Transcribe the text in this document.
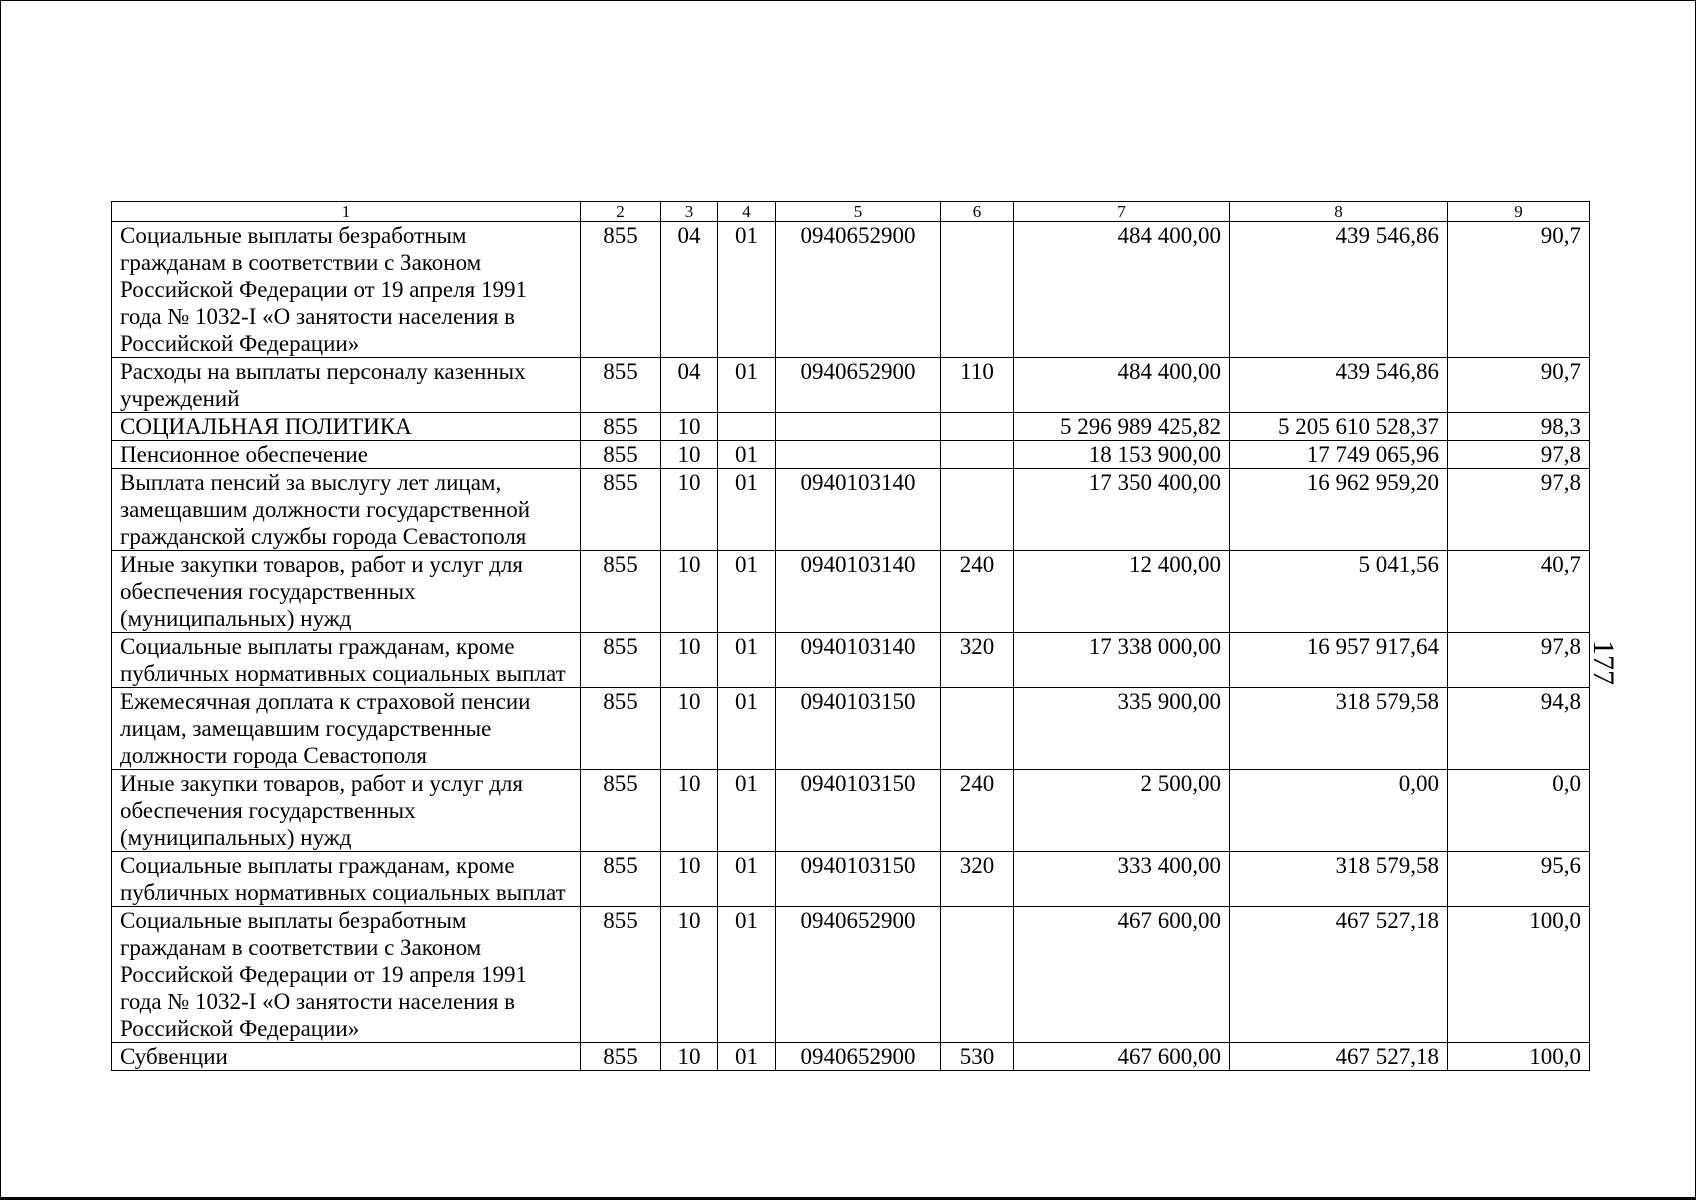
1	2	3	4	5	6	7	8	9
Социальные выплаты безработным гражданам в соответствии с Законом Российской Федерации от 19 апреля 1991 года № 1032-I «О занятости населения в Российской Федерации»	855	04	01	0940652900		484 400,00	439 546,86	90,7
Расходы на выплаты персоналу казенных учреждений	855	04	01	0940652900	110	484 400,00	439 546,86	90,7
СОЦИАЛЬНАЯ ПОЛИТИКА	855	10				5 296 989 425,82	5 205 610 528,37	98,3
Пенсионное обеспечение	855	10	01			18 153 900,00	17 749 065,96	97,8
Выплата пенсий за выслугу лет лицам, замещавшим должности государственной гражданской службы города Севастополя	855	10	01	0940103140		17 350 400,00	16 962 959,20	97,8
Иные закупки товаров, работ и услуг для обеспечения государственных (муниципальных) нужд	855	10	01	0940103140	240	12 400,00	5 041,56	40,7
Социальные выплаты гражданам, кроме публичных нормативных социальных выплат	855	10	01	0940103140	320	17 338 000,00	16 957 917,64	97,8
Ежемесячная доплата к страховой пенсии лицам, замещавшим государственные должности города Севастополя	855	10	01	0940103150		335 900,00	318 579,58	94,8
Иные закупки товаров, работ и услуг для обеспечения государственных (муниципальных) нужд	855	10	01	0940103150	240	2 500,00	0,00	0,0
Социальные выплаты гражданам, кроме публичных нормативных социальных выплат	855	10	01	0940103150	320	333 400,00	318 579,58	95,6
Социальные выплаты безработным гражданам в соответствии с Законом Российской Федерации от 19 апреля 1991 года № 1032-I «О занятости населения в Российской Федерации»	855	10	01	0940652900		467 600,00	467 527,18	100,0
Субвенции	855	10	01	0940652900	530	467 600,00	467 527,18	100,0
177
